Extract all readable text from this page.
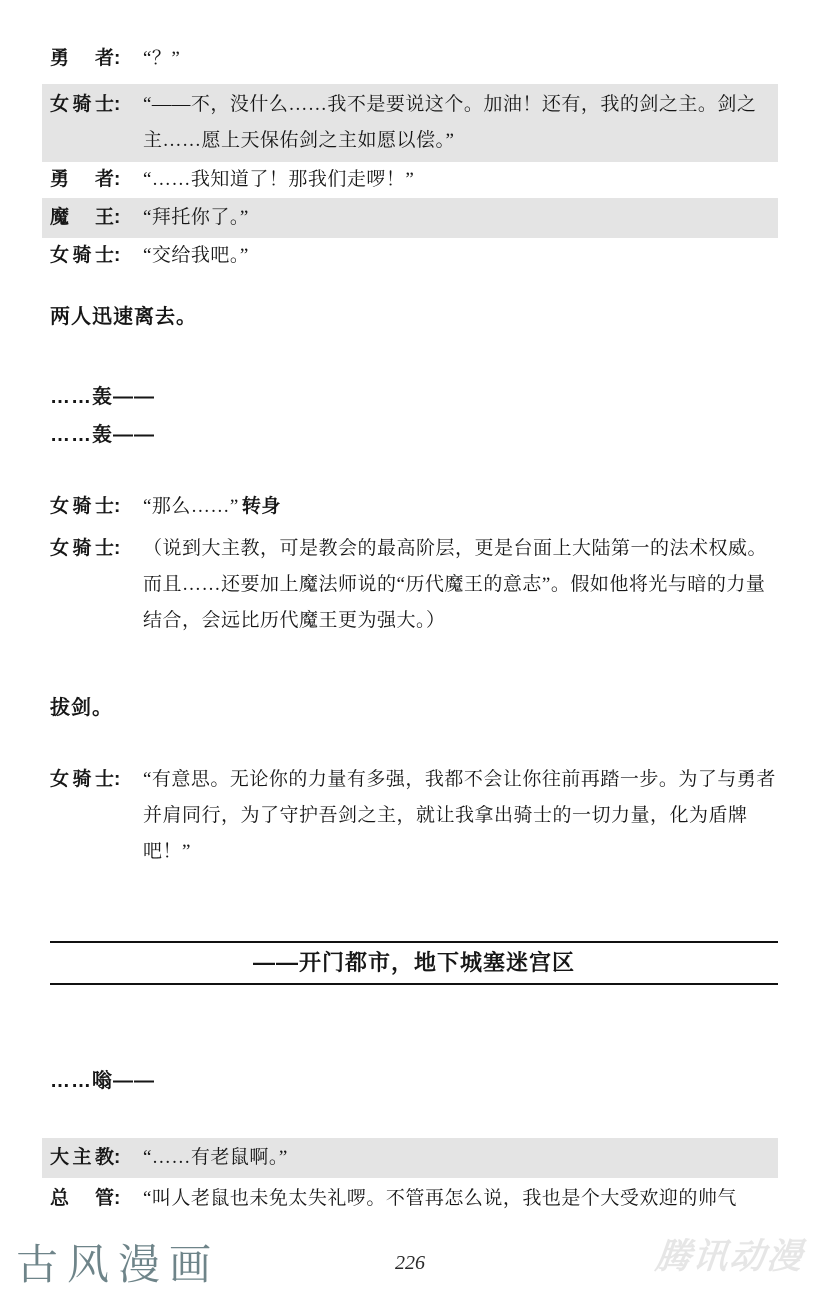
勇 者 :	“？”
女 骑 士 :	“——不，没什么……我不是要说这个。加油！还有，我的剑之主。剑之主……愿上天保佑剑之主如愿以偿。”
勇 者 :	“……我知道了！那我们走啰！”
魔 王 :	“拜托你了。”
女 骑 士 :	“交给我吧。”
两人迅速离去。
……轰——
……轰——
女 骑 士 :	“那么……” 转身
女 骑 士 :	（说到大主教，可是教会的最高阶层，更是台面上大陆第一的法术权威。而且……还要加上魔法师说的“历代魔王的意志”。假如他将光与暗的力量结合，会远比历代魔王更为强大。）
拔剑。
女 骑 士 :	“有意思。无论你的力量有多强，我都不会让你往前再踏一步。为了与勇者并肩同行，为了守护吾剑之主，就让我拿出骑士的一切力量，化为盾牌吧！”
——开门都市，地下城塞迷宫区
……嗡——
大 主 教 :	“……有老鼠啊。”
总 管 :	“叫人老鼠也未免太失礼啰。不管再怎么说，我也是个大受欢迎的帅气
古风漫画	226	腾讯动漫
